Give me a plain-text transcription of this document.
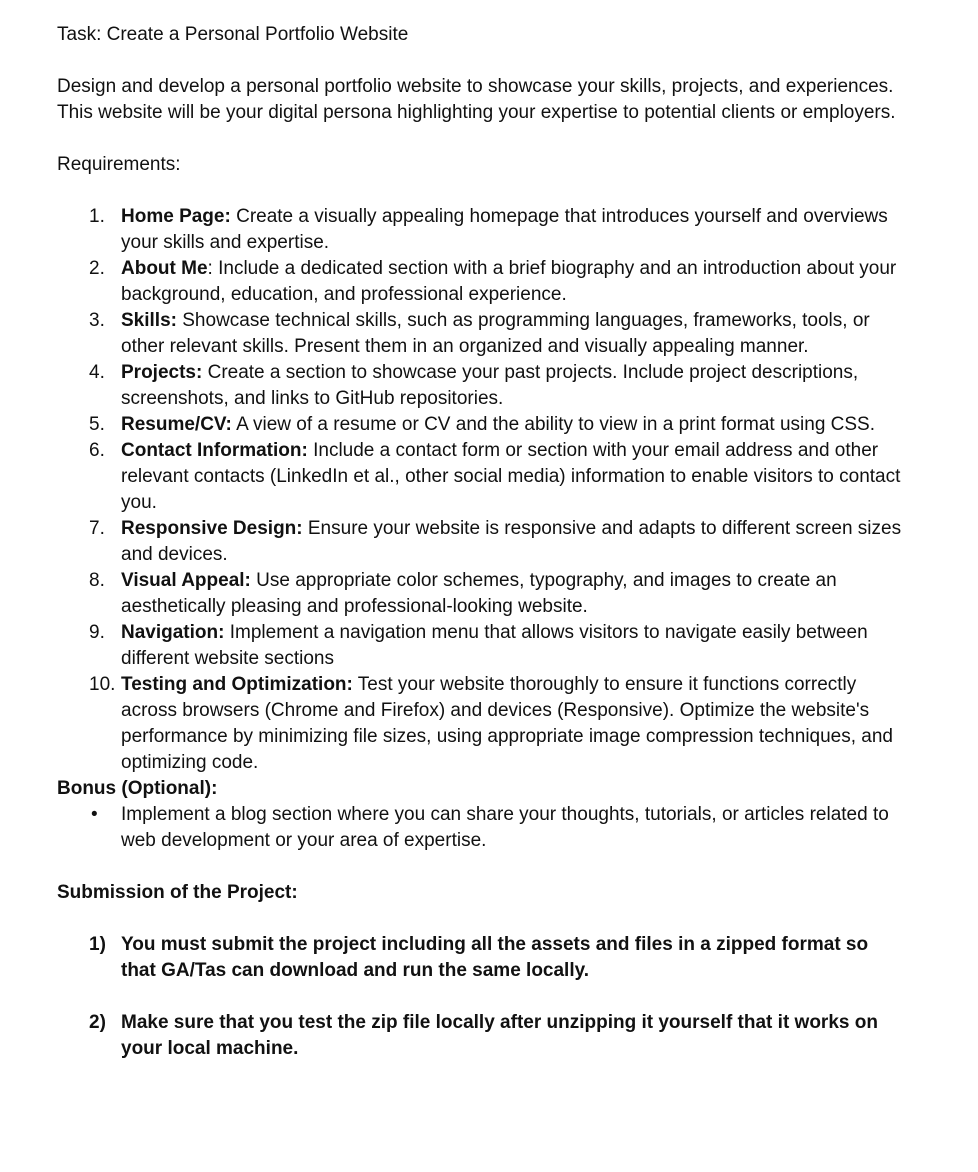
Task: Create a Personal Portfolio Website

Design and develop a personal portfolio website to showcase your skills, projects, and experiences. This website will be your digital persona highlighting your expertise to potential clients or employers.

Requirements:

1. Home Page: Create a visually appealing homepage that introduces yourself and overviews your skills and expertise.
2. About Me: Include a dedicated section with a brief biography and an introduction about your background, education, and professional experience.
3. Skills: Showcase technical skills, such as programming languages, frameworks, tools, or other relevant skills. Present them in an organized and visually appealing manner.
4. Projects: Create a section to showcase your past projects. Include project descriptions, screenshots, and links to GitHub repositories.
5. Resume/CV: A view of a resume or CV and the ability to view in a print format using CSS.
6. Contact Information: Include a contact form or section with your email address and other relevant contacts (LinkedIn et al., other social media) information to enable visitors to contact you.
7. Responsive Design: Ensure your website is responsive and adapts to different screen sizes and devices.
8. Visual Appeal: Use appropriate color schemes, typography, and images to create an aesthetically pleasing and professional-looking website.
9. Navigation: Implement a navigation menu that allows visitors to navigate easily between different website sections
10. Testing and Optimization: Test your website thoroughly to ensure it functions correctly across browsers (Chrome and Firefox) and devices (Responsive). Optimize the website's performance by minimizing file sizes, using appropriate image compression techniques, and optimizing code.

Bonus (Optional):

• Implement a blog section where you can share your thoughts, tutorials, or articles related to web development or your area of expertise.

Submission of the Project:

1) You must submit the project including all the assets and files in a zipped format so that GA/Tas can download and run the same locally.
2) Make sure that you test the zip file locally after unzipping it yourself that it works on your local machine.
